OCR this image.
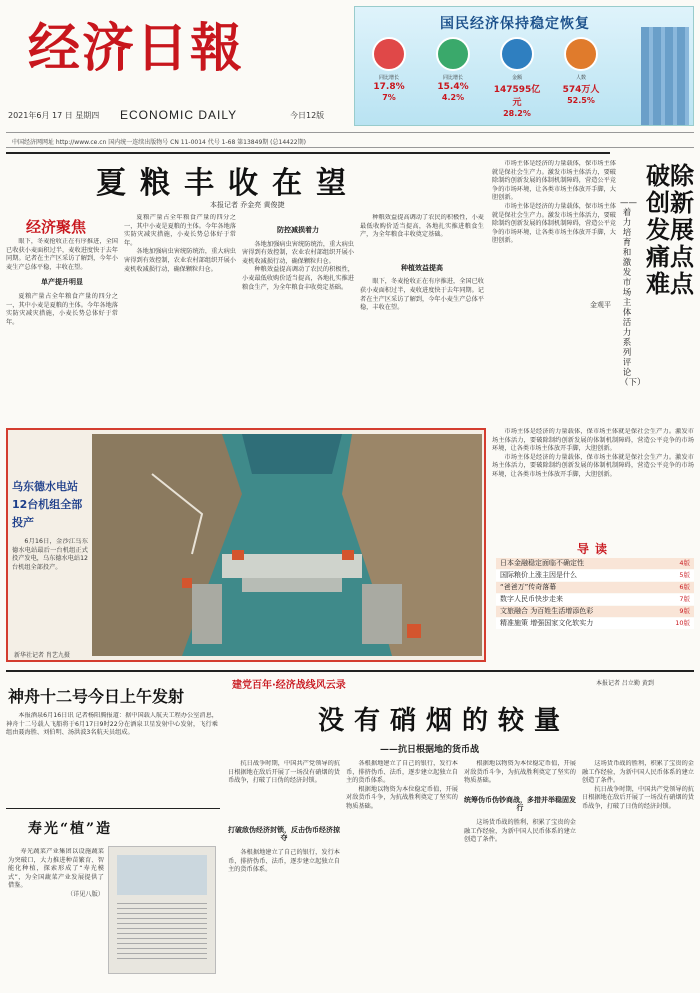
经济日報
2021年6月 17 日 星期四 ECONOMIC DAILY	今日12版
中国经济网网址 http://www.ce.cn 国内统一连续出版物号 CN 11-0014 代号 1-68 第13849期 (总14422期)
国民经济保持稳定恢复
同比增长
17.8%
7%
同比增长
15.4%
4.2%
金额
147595亿元
28.2%
人数
574万人
52.5%
夏粮丰收在望
本报记者 乔金亮 黄俊捷
经济聚焦

眼下，冬麦抢收正在有序推进，全国已收获小麦面积过半，麦收进度快于去年同期。记者在主产区采访了解到，今年小麦生产总体平稳，丰收在望。

单产提升明显

夏粮产量占全年粮食产量的四分之一，其中小麦是夏粮的主体。今年各地落实防灾减灾措施，小麦长势总体好于常年。

夏粮产量占全年粮食产量的四分之一，其中小麦是夏粮的主体。今年各地落实防灾减灾措施，小麦长势总体好于常年。

各地加强病虫害统防统治，重大病虫害得到有效控制，农业农村部组织开展小麦机收减损行动，确保颗粒归仓。

防控减损着力

各地加强病虫害统防统治，重大病虫害得到有效控制，农业农村部组织开展小麦机收减损行动，确保颗粒归仓。

种粮效益提高调动了农民的积极性，小麦最低收购价适当提高，各地扎实推进粮食生产，为全年粮食丰收奠定基础。

种粮效益提高调动了农民的积极性，小麦最低收购价适当提高，各地扎实推进粮食生产，为全年粮食丰收奠定基础。

种植效益提高

眼下，冬麦抢收正在有序推进，全国已收获小麦面积过半，麦收进度快于去年同期。记者在主产区采访了解到，今年小麦生产总体平稳，丰收在望。

市场主体是经济的力量载体，保市场主体就是保社会生产力。激发市场主体活力，要破除制约创新发展的体制机制障碍，营造公平竞争的市场环境，让各类市场主体放开手脚，大胆创新。

市场主体是经济的力量载体，保市场主体就是保社会生产力。激发市场主体活力，要破除制约创新发展的体制机制障碍，营造公平竞争的市场环境，让各类市场主体放开手脚，大胆创新。

金观平
——着力培育和激发市场主体活力系列评论（下）
破除创新发展痛点难点

市场主体是经济的力量载体，保市场主体就是保社会生产力。激发市场主体活力，要破除制约创新发展的体制机制障碍，营造公平竞争的市场环境，让各类市场主体放开手脚，大胆创新。

市场主体是经济的力量载体，保市场主体就是保社会生产力。激发市场主体活力，要破除制约创新发展的体制机制障碍，营造公平竞争的市场环境，让各类市场主体放开手脚，大胆创新。

乌东德水电站12台机组全部投产

6月16日，金沙江乌东德水电站最后一台机组正式投产发电，乌东德水电站12台机组全部投产。

新华社记者 肖艺九摄
导读
日本金融稳定面临不确定性	4版
国际粮价上涨主因是什么	5版
“爸爸万”传奇落幕	6版
数字人民币快步走来	7版
文旅融合 为百姓生活增添色彩	9版
精准施策 增强国家文化软实力	10版
神舟十二号今日上午发射

本报酒泉6月16日讯 记者杨阳腾报道：据中国载人航天工程办公室消息，神舟十二号载人飞船将于6月17日9时22分在酒泉卫星发射中心发射，飞行乘组由聂海胜、刘伯明、汤洪波3名航天员组成。

寿光“植”造

寿光蔬菜产业集团以设施蔬菜为突破口，大力推进种苗繁育、智能化种植，探索形成了“寿光模式”，为全国蔬菜产业发展提供了借鉴。

（详见八版）

建党百年·经济战线风云录	本报记者 吕立勤 黄到
没有硝烟的较量
——抗日根据地的货币战

抗日战争时期，中国共产党领导的抗日根据地在敌后开展了一场没有硝烟的货币战争，打破了日伪的经济封锁。

打破敌伪经济封锁，反击伪币经济掠夺

各根据地建立了自己的银行，发行本币，排挤伪币、法币，逐步建立起独立自主的货币体系。

各根据地建立了自己的银行，发行本币，排挤伪币、法币，逐步建立起独立自主的货币体系。

根据地以物资为本位稳定币值，开展对敌货币斗争，为抗战胜利奠定了坚实的物质基础。

根据地以物资为本位稳定币值，开展对敌货币斗争，为抗战胜利奠定了坚实的物质基础。

统筹伪币伪钞商战，多措并举稳固发行

这场货币战的胜利，积累了宝贵的金融工作经验，为新中国人民币体系的建立创造了条件。

这场货币战的胜利，积累了宝贵的金融工作经验，为新中国人民币体系的建立创造了条件。

抗日战争时期，中国共产党领导的抗日根据地在敌后开展了一场没有硝烟的货币战争，打破了日伪的经济封锁。
